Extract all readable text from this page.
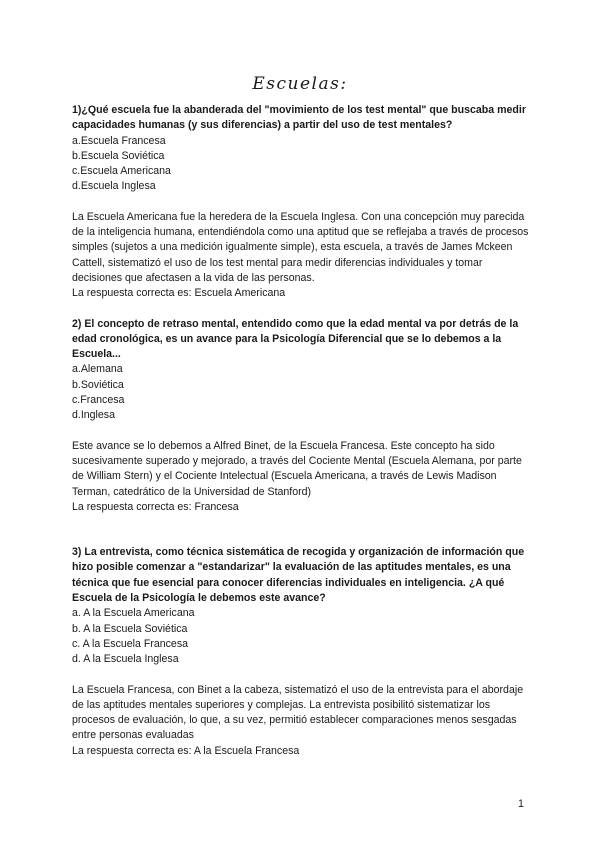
Escuelas:
1)¿Qué escuela fue la abanderada del "movimiento de los test mental" que buscaba medir capacidades humanas (y sus diferencias) a partir del uso de test mentales?
a.Escuela Francesa
b.Escuela Soviética
c.Escuela Americana
d.Escuela Inglesa
La Escuela Americana fue la heredera de la Escuela Inglesa. Con una concepción muy parecida de la inteligencia humana, entendiéndola como una aptitud que se reflejaba a través de procesos simples (sujetos a una medición igualmente simple), esta escuela, a través de James Mckeen Cattell, sistematizó el uso de los test mental para medir diferencias individuales y tomar decisiones que afectasen a la vida de las personas.
La respuesta correcta es: Escuela Americana
2) El concepto de retraso mental, entendido como que la edad mental va por detrás de la edad cronológica, es un avance para la Psicología Diferencial que se lo debemos a la Escuela...
a.Alemana
b.Soviética
c.Francesa
d.Inglesa
Este avance se lo debemos a Alfred Binet, de la Escuela Francesa. Este concepto ha sido sucesivamente superado y mejorado, a través del Cociente Mental (Escuela Alemana, por parte de William Stern) y el Cociente Intelectual (Escuela Americana, a través de Lewis Madison Terman, catedrático de la Universidad de Stanford)
La respuesta correcta es: Francesa
3) La entrevista, como técnica sistemática de recogida y organización de información que hizo posible comenzar a "estandarizar" la evaluación de las aptitudes mentales, es una técnica que fue esencial para conocer diferencias individuales en inteligencia. ¿A qué Escuela de la Psicología le debemos este avance?
a. A la Escuela Americana
b. A la Escuela Soviética
c. A la Escuela Francesa
d. A la Escuela Inglesa
La Escuela Francesa, con Binet a la cabeza, sistematizó el uso de la entrevista para el abordaje de las aptitudes mentales superiores y complejas. La entrevista posibilitó sistematizar los procesos de evaluación, lo que, a su vez, permitió establecer comparaciones menos sesgadas entre personas evaluadas
La respuesta correcta es: A la Escuela Francesa
1
